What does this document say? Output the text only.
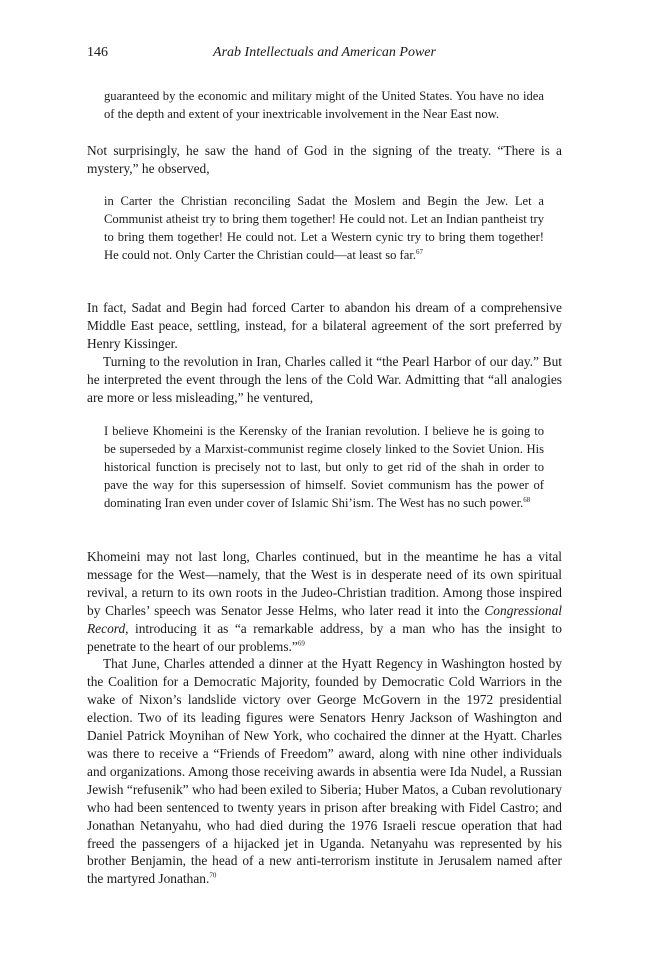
146	Arab Intellectuals and American Power

guaranteed by the economic and military might of the United States. You have no idea of the depth and extent of your inextricable involvement in the Near East now.

Not surprisingly, he saw the hand of God in the signing of the treaty. “There is a mystery,” he observed,

in Carter the Christian reconciling Sadat the Moslem and Begin the Jew. Let a Communist atheist try to bring them together! He could not. Let an Indian pantheist try to bring them together! He could not. Let a Western cynic try to bring them together! He could not. Only Carter the Christian could—at least so far.$^{67}$

In fact, Sadat and Begin had forced Carter to abandon his dream of a comprehensive Middle East peace, settling, instead, for a bilateral agreement of the sort preferred by Henry Kissinger.

Turning to the revolution in Iran, Charles called it “the Pearl Harbor of our day.” But he interpreted the event through the lens of the Cold War. Admitting that “all analogies are more or less misleading,” he ventured,

I believe Khomeini is the Kerensky of the Iranian revolution. I believe he is going to be superseded by a Marxist-communist regime closely linked to the Soviet Union. His historical function is precisely not to last, but only to get rid of the shah in order to pave the way for this supersession of himself. Soviet communism has the power of dominating Iran even under cover of Islamic Shi’ism. The West has no such power.$^{68}$

Khomeini may not last long, Charles continued, but in the meantime he has a vital message for the West—namely, that the West is in desperate need of its own spiritual revival, a return to its own roots in the Judeo-Christian tradition. Among those inspired by Charles’ speech was Senator Jesse Helms, who later read it into the Congressional Record, introducing it as “a remarkable address, by a man who has the insight to penetrate to the heart of our problems.”$^{69}$

That June, Charles attended a dinner at the Hyatt Regency in Washington hosted by the Coalition for a Democratic Majority, founded by Democratic Cold Warriors in the wake of Nixon’s landslide victory over George McGovern in the 1972 presidential election. Two of its leading figures were Senators Henry Jackson of Washington and Daniel Patrick Moynihan of New York, who cochaired the dinner at the Hyatt. Charles was there to receive a “Friends of Freedom” award, along with nine other individuals and organizations. Among those receiving awards in absentia were Ida Nudel, a Russian Jewish “refusenik” who had been exiled to Siberia; Huber Matos, a Cuban revolutionary who had been sentenced to twenty years in prison after breaking with Fidel Castro; and Jonathan Netanyahu, who had died during the 1976 Israeli rescue operation that had freed the passengers of a hijacked jet in Uganda. Netanyahu was represented by his brother Benjamin, the head of a new anti-terrorism institute in Jerusalem named after the martyred Jonathan.$^{70}$
